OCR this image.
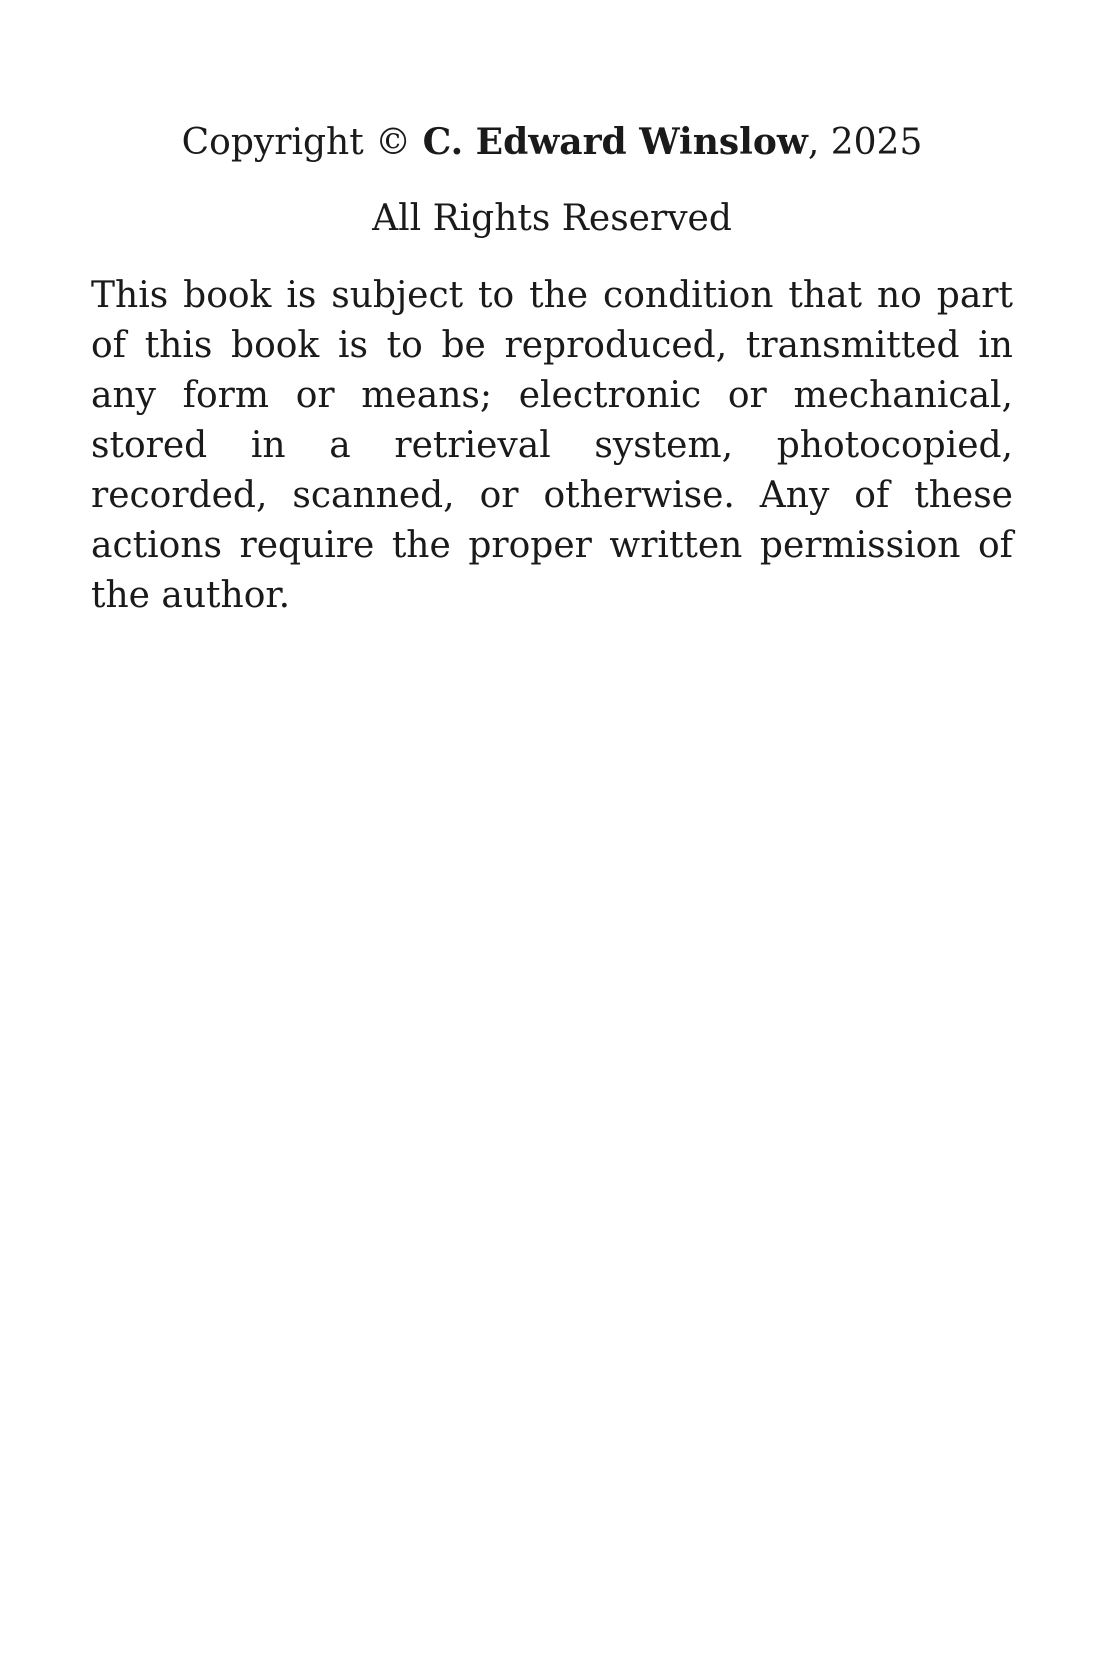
Copyright © C. Edward Winslow, 2025

All Rights Reserved

This book is subject to the condition that no part of this book is to be reproduced, transmitted in any form or means; electronic or mechanical, stored in a retrieval system, photocopied, recorded, scanned, or otherwise. Any of these actions require the proper written permission of the author.
